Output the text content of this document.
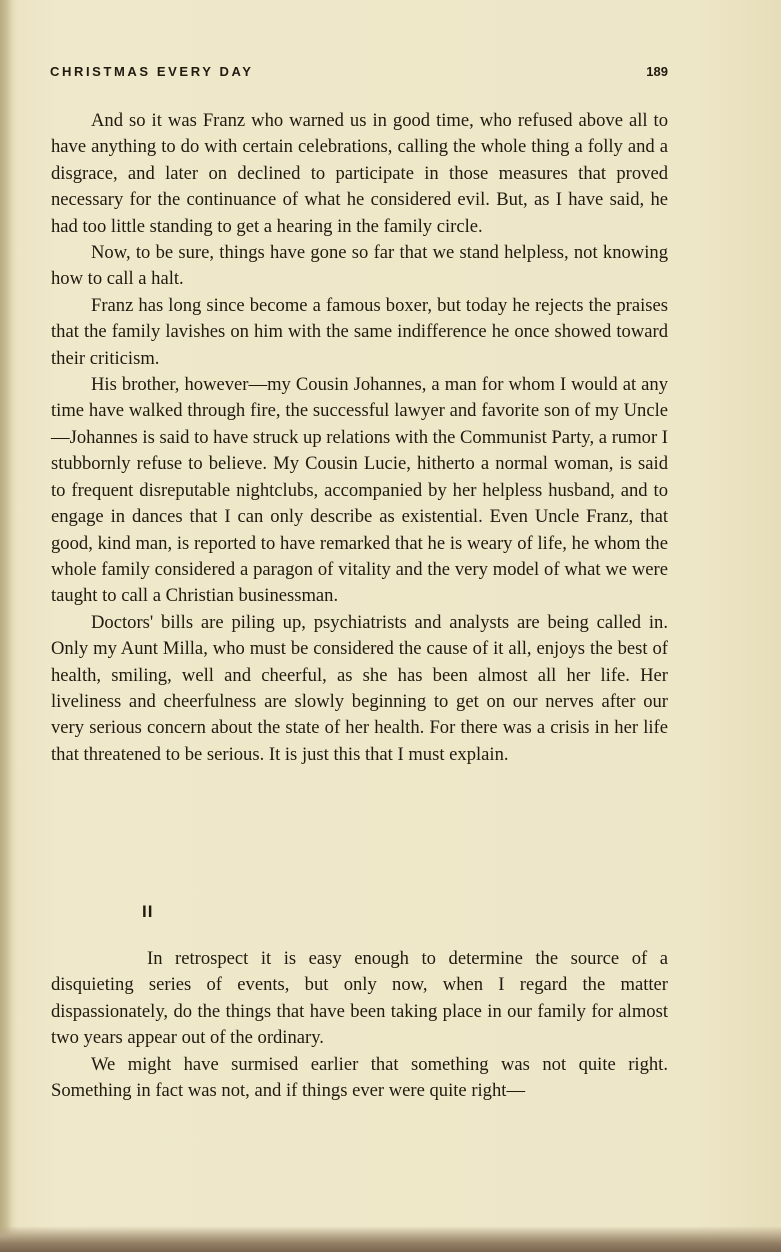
CHRISTMAS EVERY DAY	189

And so it was Franz who warned us in good time, who refused above all to have anything to do with certain celebrations, calling the whole thing a folly and a disgrace, and later on declined to participate in those measures that proved necessary for the continuance of what he considered evil. But, as I have said, he had too little standing to get a hearing in the family circle.

Now, to be sure, things have gone so far that we stand helpless, not knowing how to call a halt.

Franz has long since become a famous boxer, but today he rejects the praises that the family lavishes on him with the same indifference he once showed toward their criticism.

His brother, however—my Cousin Johannes, a man for whom I would at any time have walked through fire, the successful lawyer and favorite son of my Uncle—Johannes is said to have struck up relations with the Communist Party, a rumor I stubbornly refuse to believe. My Cousin Lucie, hitherto a normal woman, is said to frequent disreputable nightclubs, accompanied by her helpless husband, and to engage in dances that I can only describe as existential. Even Uncle Franz, that good, kind man, is reported to have remarked that he is weary of life, he whom the whole family considered a paragon of vitality and the very model of what we were taught to call a Christian businessman.

Doctors' bills are piling up, psychiatrists and analysts are being called in. Only my Aunt Milla, who must be considered the cause of it all, enjoys the best of health, smiling, well and cheerful, as she has been almost all her life. Her liveliness and cheerfulness are slowly beginning to get on our nerves after our very serious concern about the state of her health. For there was a crisis in her life that threatened to be serious. It is just this that I must explain.

II

In retrospect it is easy enough to determine the source of a disquieting series of events, but only now, when I regard the matter dispassionately, do the things that have been taking place in our family for almost two years appear out of the ordinary.

We might have surmised earlier that something was not quite right. Something in fact was not, and if things ever were quite right—
